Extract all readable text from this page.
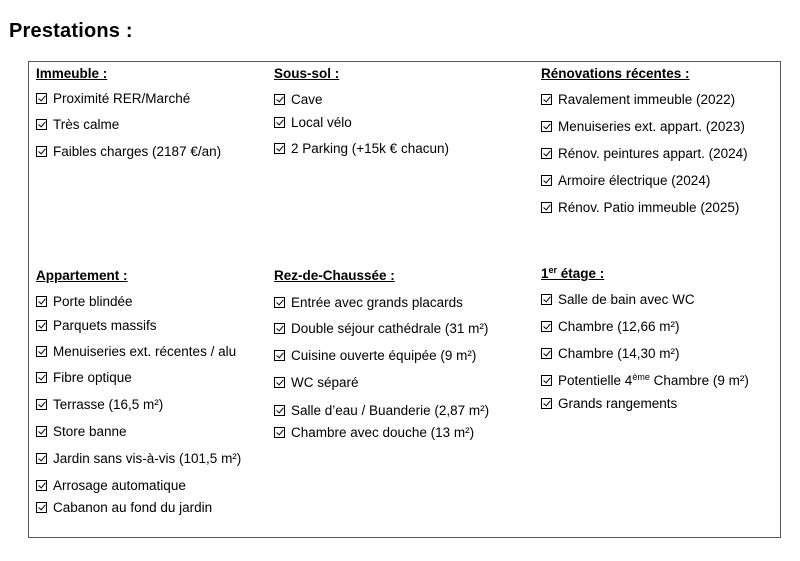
Prestations :
Immeuble :
Proximité RER/Marché
Très calme
Faibles charges (2187 €/an)
Sous-sol :
Cave
Local vélo
2 Parking (+15k € chacun)
Rénovations récentes :
Ravalement immeuble (2022)
Menuiseries ext. appart. (2023)
Rénov. peintures appart. (2024)
Armoire électrique (2024)
Rénov. Patio immeuble (2025)
Appartement :
Porte blindée
Parquets massifs
Menuiseries ext. récentes / alu
Fibre optique
Terrasse (16,5 m²)
Store banne
Jardin sans vis-à-vis (101,5 m²)
Arrosage automatique
Cabanon au fond du jardin
Rez-de-Chaussée :
Entrée avec grands placards
Double séjour cathédrale (31 m²)
Cuisine ouverte équipée (9 m²)
WC séparé
Salle d’eau / Buanderie (2,87 m²)
Chambre avec douche (13 m²)
1er étage :
Salle de bain avec WC
Chambre (12,66 m²)
Chambre (14,30 m²)
Potentielle 4ème Chambre (9 m²)
Grands rangements
